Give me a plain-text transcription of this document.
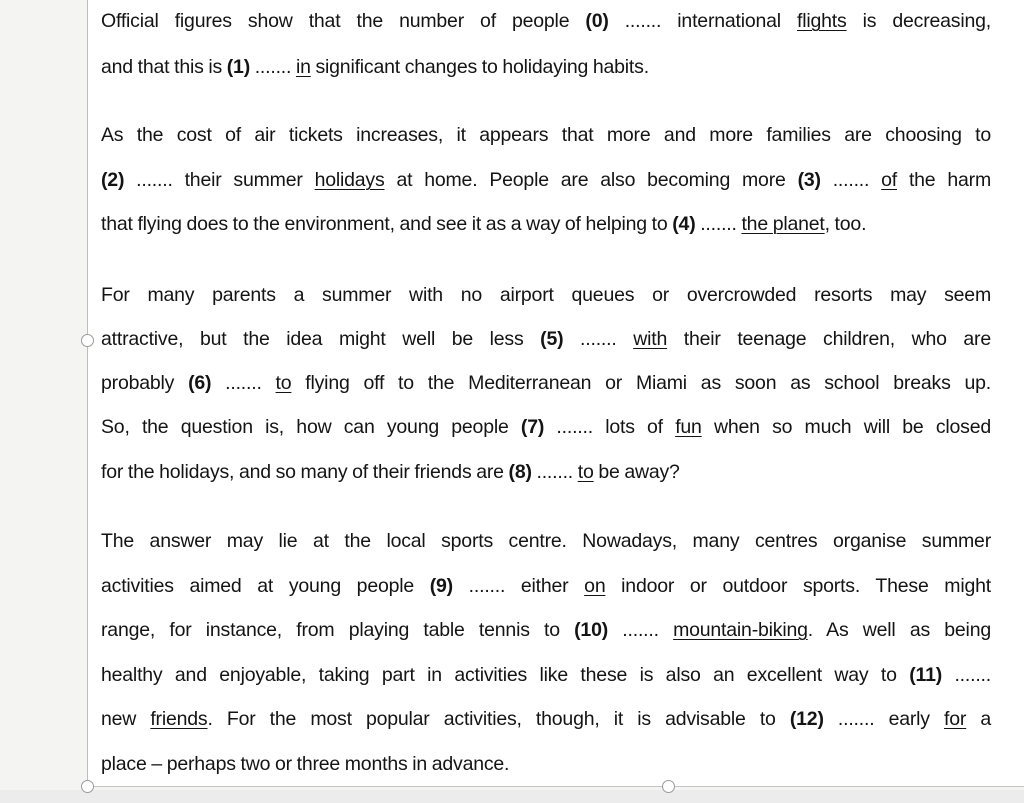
Official figures show that the number of people (0) ....... international flights is decreasing,
and that this is (1) ....... in significant changes to holidaying habits.
As the cost of air tickets increases, it appears that more and more families are choosing to
(2) ....... their summer holidays at home. People are also becoming more (3) ....... of the harm
that flying does to the environment, and see it as a way of helping to (4) ....... the planet, too.
For many parents a summer with no airport queues or overcrowded resorts may seem
attractive, but the idea might well be less (5) ....... with their teenage children, who are
probably (6) ....... to flying off to the Mediterranean or Miami as soon as school breaks up.
So, the question is, how can young people (7) ....... lots of fun when so much will be closed
for the holidays, and so many of their friends are (8) ....... to be away?
The answer may lie at the local sports centre. Nowadays, many centres organise summer
activities aimed at young people (9) ....... either on indoor or outdoor sports. These might
range, for instance, from playing table tennis to (10) ....... mountain-biking. As well as being
healthy and enjoyable, taking part in activities like these is also an excellent way to (11) .......
new friends. For the most popular activities, though, it is advisable to (12) ....... early for a
place – perhaps two or three months in advance.
